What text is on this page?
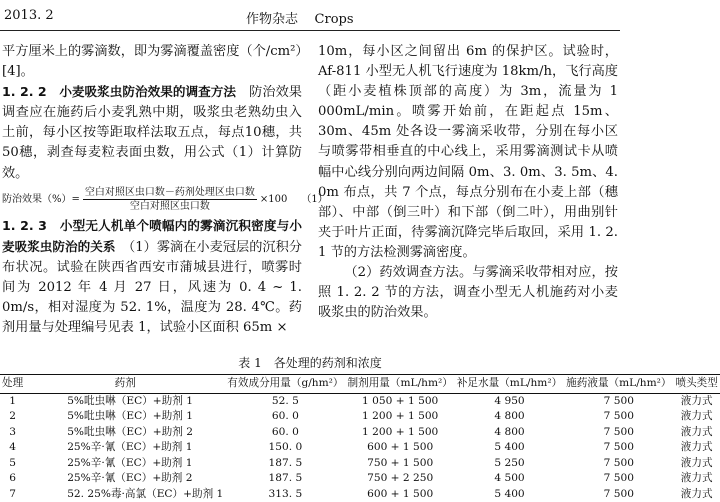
2013. 2	作物杂志    Crops

平方厘米上的雾滴数，即为雾滴覆盖密度（个/cm²）[4]。

1. 2. 2　小麦吸浆虫防治效果的调查方法　防治效果调查应在施药后小麦乳熟中期，吸浆虫老熟幼虫入土前，每小区按等距取样法取五点，每点10穗，共50穗，剥查每麦粒表面虫数，用公式（1）计算防效。

防治效果（%）= $\frac{\text{空白对照区虫口数－药剂处理区虫口数}}{\text{空白对照区虫口数}} \times 100$ （1）

1. 2. 3　小型无人机单个喷幅内的雾滴沉积密度与小麦吸浆虫防治的关系　（1）雾滴在小麦冠层的沉积分布状况。试验在陕西省西安市蒲城县进行，喷雾时间为 2012 年 4 月 27 日，风速为 0. 4 ~ 1. 0m/s，相对湿度为 52. 1%，温度为 28. 4℃。药剂用量与处理编号见表 1，试验小区面积 65m ×

10m，每小区之间留出 6m 的保护区。试验时，Af-811 小型无人机飞行速度为 18km/h，飞行高度（距小麦植株顶部的高度）为 3m，流量为 1 000mL/min。喷雾开始前，在距起点 15m、30m、45m 处各设一雾滴采收带，分别在每小区与喷雾带相垂直的中心线上，采用雾滴测试卡从喷幅中心线分别向两边间隔 0m、3. 0m、3. 5m、4. 0m 布点，共 7 个点，每点分别布在小麦上部（穗部）、中部（倒三叶）和下部（倒二叶），用曲别针夹于叶片正面，待雾滴沉降完毕后取回，采用 1. 2. 1 节的方法检测雾滴密度。

（2）药效调查方法。与雾滴采收带相对应，按照 1. 2. 2 节的方法，调查小型无人机施药对小麦吸浆虫的防治效果。

表 1　各处理的药剂和浓度
处理	药剂	有效成分用量（g/hm²）	制剂用量（mL/hm²）	补足水量（mL/hm²）	施药液量（mL/hm²）	喷头类型
1	5%吡虫啉（EC）+助剂 1	52. 5	1 050 + 1 500	4 950	7 500	液力式
2	5%吡虫啉（EC）+助剂 1	60. 0	1 200 + 1 500	4 800	7 500	液力式
3	5%吡虫啉（EC）+助剂 2	60. 0	1 200 + 1 500	4 800	7 500	液力式
4	25%辛·氰（EC）+助剂 1	150. 0	600 + 1 500	5 400	7 500	液力式
5	25%辛·氰（EC）+助剂 1	187. 5	750 + 1 500	5 250	7 500	液力式
6	25%辛·氰（EC）+助剂 2	187. 5	750 + 2 250	4 500	7 500	液力式
7	52. 25%毒·高氯（EC）+助剂 1	313. 5	600 + 1 500	5 400	7 500	液力式
